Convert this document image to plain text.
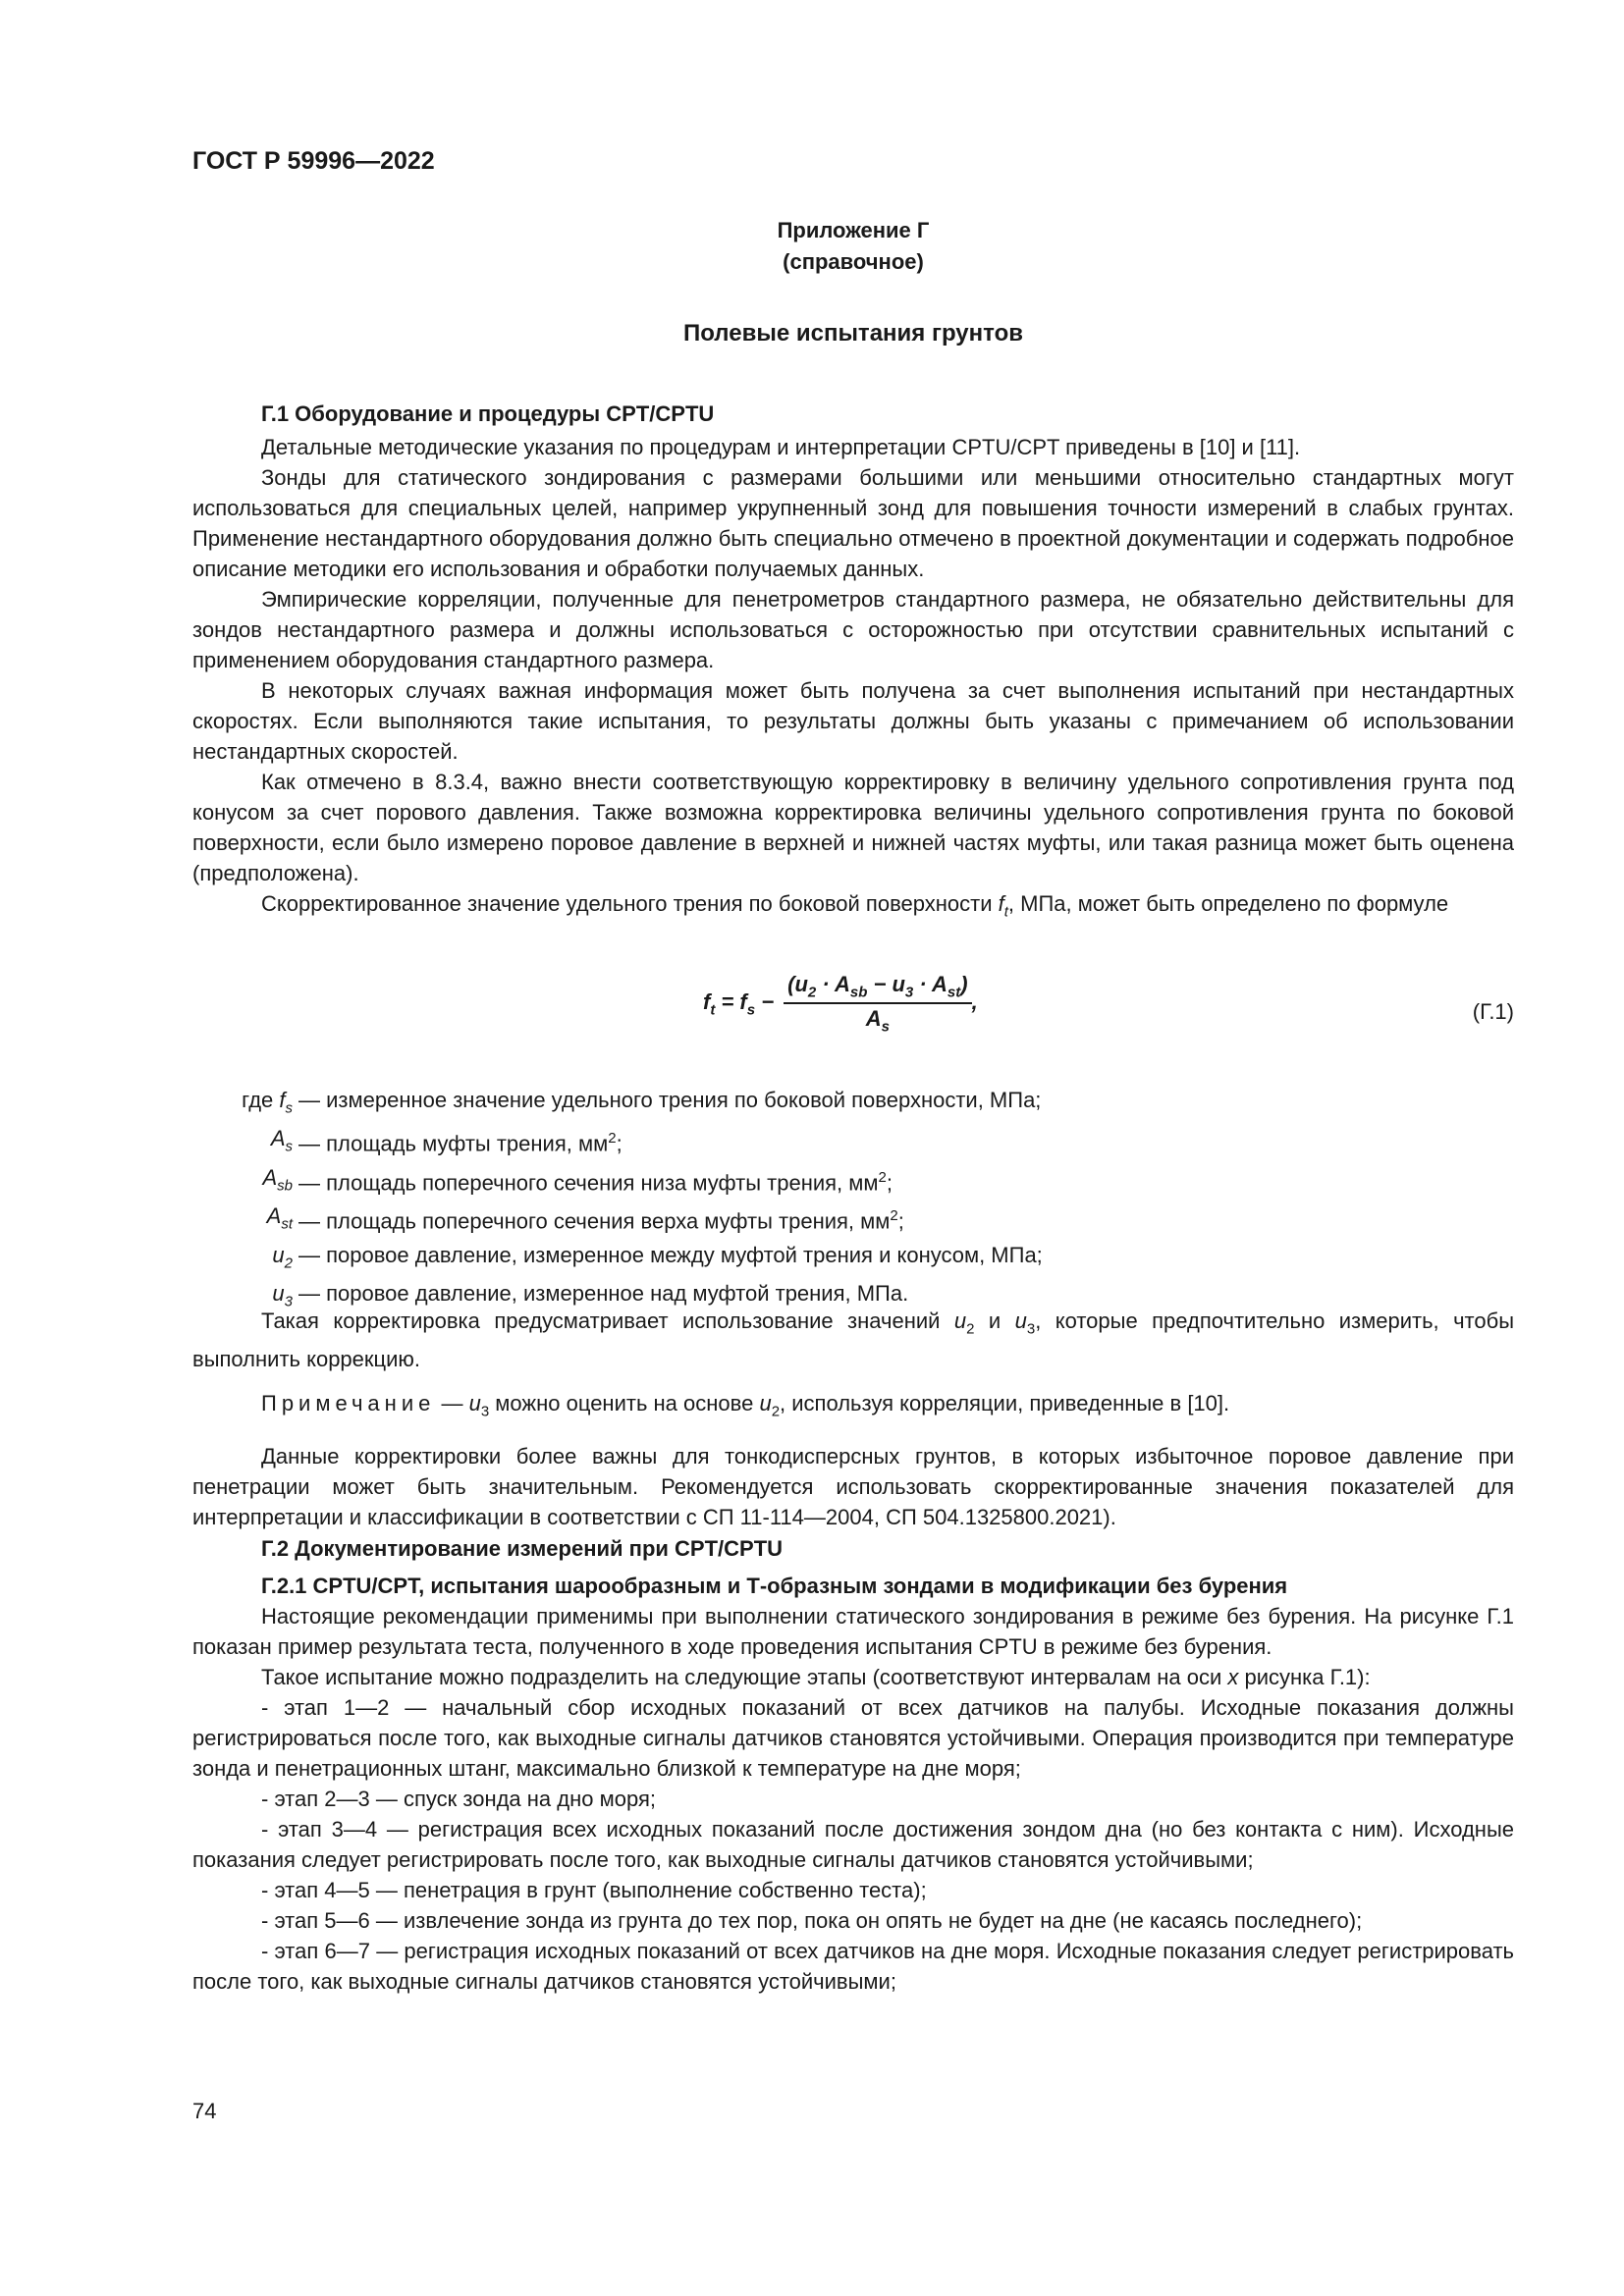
ГОСТ Р 59996—2022
Приложение Г
(справочное)
Полевые испытания грунтов
Г.1 Оборудование и процедуры CPT/CPTU

Детальные методические указания по процедурам и интерпретации CPTU/CPT приведены в [10] и [11].

Зонды для статического зондирования с размерами большими или меньшими относительно стандартных могут использоваться для специальных целей, например укрупненный зонд для повышения точности измерений в слабых грунтах. Применение нестандартного оборудования должно быть специально отмечено в проектной документации и содержать подробное описание методики его использования и обработки получаемых данных.

Эмпирические корреляции, полученные для пенетрометров стандартного размера, не обязательно действительны для зондов нестандартного размера и должны использоваться с осторожностью при отсутствии сравнительных испытаний с применением оборудования стандартного размера.

В некоторых случаях важная информация может быть получена за счет выполнения испытаний при нестандартных скоростях. Если выполняются такие испытания, то результаты должны быть указаны с примечанием об использовании нестандартных скоростей.

Как отмечено в 8.3.4, важно внести соответствующую корректировку в величину удельного сопротивления грунта под конусом за счет порового давления. Также возможна корректировка величины удельного сопротивления грунта по боковой поверхности, если было измерено поровое давление в верхней и нижней частях муфты, или такая разница может быть оценена (предположена).

Скорректированное значение удельного трения по боковой поверхности $f_t$, МПа, может быть определено по формуле

$f_t = f_s - \frac{(u_2 \cdot A_{sb} - u_3 \cdot A_{st})}{A_s}$ ,	(Г.1)
где $f_s$ — измеренное значение удельного трения по боковой поверхности, МПа;
$A_s$ — площадь муфты трения, $мм^2$;
$A_{sb}$ — площадь поперечного сечения низа муфты трения, $мм^2$;
$A_{st}$ — площадь поперечного сечения верха муфты трения, $мм^2$;
$u_2$ — поровое давление, измеренное между муфтой трения и конусом, МПа;
$u_3$ — поровое давление, измеренное над муфтой трения, МПа.

Такая корректировка предусматривает использование значений $u_2$ и $u_3$, которые предпочтительно измерить, чтобы выполнить коррекцию.

Примечание — $u_3$ можно оценить на основе $u_2$, используя корреляции, приведенные в [10].

Данные корректировки более важны для тонкодисперсных грунтов, в которых избыточное поровое давление при пенетрации может быть значительным. Рекомендуется использовать скорректированные значения показателей для интерпретации и классификации в соответствии с СП 11-114—2004, СП 504.1325800.2021).

Г.2 Документирование измерений при CPT/CPTU
Г.2.1 CPTU/CPT, испытания шарообразным и Т-образным зондами в модификации без бурения

Настоящие рекомендации применимы при выполнении статического зондирования в режиме без бурения. На рисунке Г.1 показан пример результата теста, полученного в ходе проведения испытания CPTU в режиме без бурения.

Такое испытание можно подразделить на следующие этапы (соответствуют интервалам на оси x рисунка Г.1):

- этап 1—2 — начальный сбор исходных показаний от всех датчиков на палубы. Исходные показания должны регистрироваться после того, как выходные сигналы датчиков становятся устойчивыми. Операция производится при температуре зонда и пенетрационных штанг, максимально близкой к температуре на дне моря;

- этап 2—3 — спуск зонда на дно моря;

- этап 3—4 — регистрация всех исходных показаний после достижения зондом дна (но без контакта с ним). Исходные показания следует регистрировать после того, как выходные сигналы датчиков становятся устойчивыми;

- этап 4—5 — пенетрация в грунт (выполнение собственно теста);

- этап 5—6 — извлечение зонда из грунта до тех пор, пока он опять не будет на дне (не касаясь последнего);

- этап 6—7 — регистрация исходных показаний от всех датчиков на дне моря. Исходные показания следует регистрировать после того, как выходные сигналы датчиков становятся устойчивыми;

74
